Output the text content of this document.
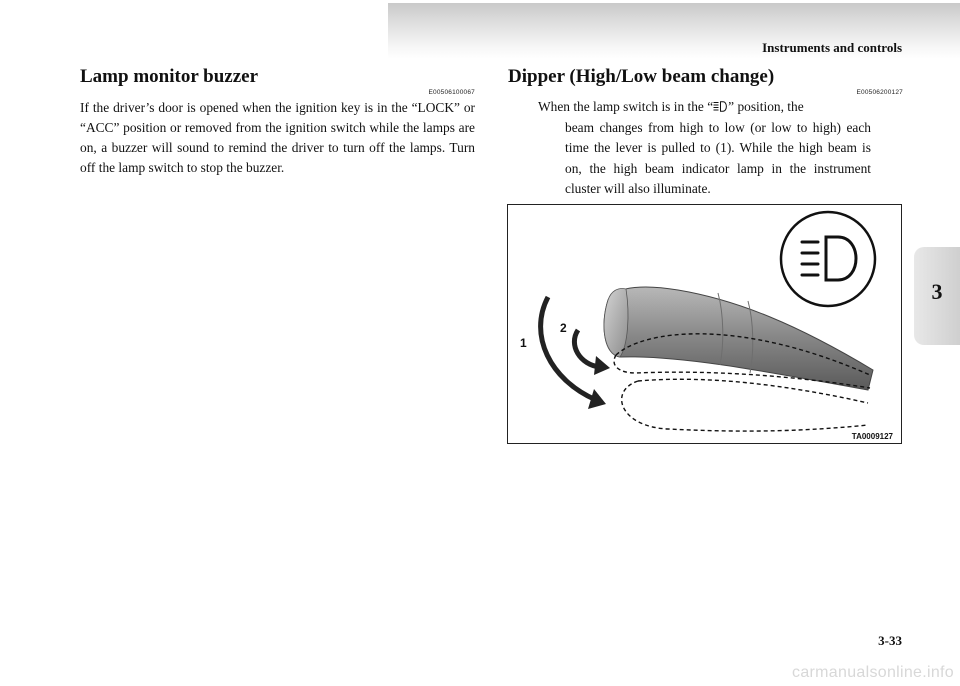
Instruments and controls
3
Lamp monitor buzzer
E00506100067
If the driver’s door is opened when the ignition key is in the “LOCK” or “ACC” position or removed from the ignition switch while the lamps are on, a buzzer will sound to remind the driver to turn off the lamps. Turn off the lamp switch to stop the buzzer.
Dipper (High/Low beam change)
E00506200127
When the lamp switch is in the “ ” position, the
beam changes from high to low (or low to high) each time the lever is pulled to (1). While the high beam is on, the high beam indicator lamp in the instrument cluster will also illuminate.
1
2
TA0009127
3-33
carmanualsonline.info
